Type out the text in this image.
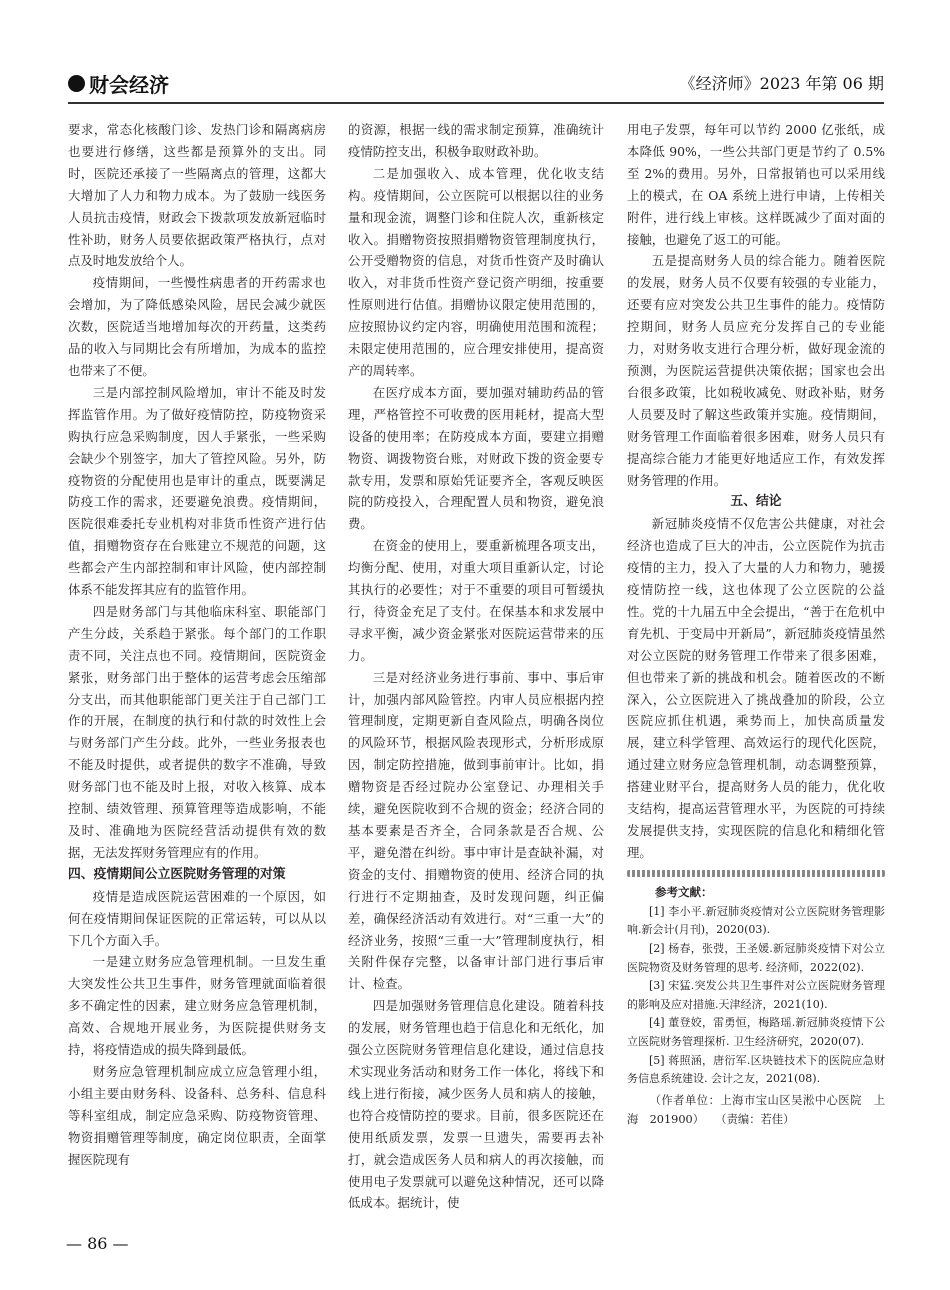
财会经济	《经济师》2023 年第 06 期

要求，常态化核酸门诊、发热门诊和隔离病房也要进行修缮，这些都是预算外的支出。同时，医院还承接了一些隔离点的管理，这都大大增加了人力和物力成本。为了鼓励一线医务人员抗击疫情，财政会下拨款项发放新冠临时性补助，财务人员要依据政策严格执行，点对点及时地发放给个人。

疫情期间，一些慢性病患者的开药需求也会增加，为了降低感染风险，居民会减少就医次数，医院适当地增加每次的开药量，这类药品的收入与同期比会有所增加，为成本的监控也带来了不便。

三是内部控制风险增加，审计不能及时发挥监管作用。为了做好疫情防控，防疫物资采购执行应急采购制度，因人手紧张，一些采购会缺少个别签字，加大了管控风险。另外，防疫物资的分配使用也是审计的重点，既要满足防疫工作的需求，还要避免浪费。疫情期间，医院很难委托专业机构对非货币性资产进行估值，捐赠物资存在台账建立不规范的问题，这些都会产生内部控制和审计风险，使内部控制体系不能发挥其应有的监管作用。

四是财务部门与其他临床科室、职能部门产生分歧，关系趋于紧张。每个部门的工作职责不同，关注点也不同。疫情期间，医院资金紧张，财务部门出于整体的运营考虑会压缩部分支出，而其他职能部门更关注于自己部门工作的开展，在制度的执行和付款的时效性上会与财务部门产生分歧。此外，一些业务报表也不能及时提供，或者提供的数字不准确，导致财务部门也不能及时上报，对收入核算、成本控制、绩效管理、预算管理等造成影响，不能及时、准确地为医院经营活动提供有效的数据，无法发挥财务管理应有的作用。

四、疫情期间公立医院财务管理的对策

疫情是造成医院运营困难的一个原因，如何在疫情期间保证医院的正常运转，可以从以下几个方面入手。

一是建立财务应急管理机制。一旦发生重大突发性公共卫生事件，财务管理就面临着很多不确定性的因素，建立财务应急管理机制，高效、合规地开展业务，为医院提供财务支持，将疫情造成的损失降到最低。

财务应急管理机制应成立应急管理小组，小组主要由财务科、设备科、总务科、信息科等科室组成，制定应急采购、防疫物资管理、物资捐赠管理等制度，确定岗位职责，全面掌握医院现有

的资源，根据一线的需求制定预算，准确统计疫情防控支出，积极争取财政补助。

二是加强收入、成本管理，优化收支结构。疫情期间，公立医院可以根据以往的业务量和现金流，调整门诊和住院人次，重新核定收入。捐赠物资按照捐赠物资管理制度执行，公开受赠物资的信息，对货币性资产及时确认收入，对非货币性资产登记资产明细，按重要性原则进行估值。捐赠协议限定使用范围的，应按照协议约定内容，明确使用范围和流程；未限定使用范围的，应合理安排使用，提高资产的周转率。

在医疗成本方面，要加强对辅助药品的管理，严格管控不可收费的医用耗材，提高大型设备的使用率；在防疫成本方面，要建立捐赠物资、调拨物资台账，对财政下拨的资金要专款专用，发票和原始凭证要齐全，客观反映医院的防疫投入，合理配置人员和物资，避免浪费。

在资金的使用上，要重新梳理各项支出，均衡分配、使用，对重大项目重新认定，讨论其执行的必要性；对于不重要的项目可暂缓执行，待资金充足了支付。在保基本和求发展中寻求平衡，减少资金紧张对医院运营带来的压力。

三是对经济业务进行事前、事中、事后审计，加强内部风险管控。内审人员应根据内控管理制度，定期更新自查风险点，明确各岗位的风险环节，根据风险表现形式，分析形成原因，制定防控措施，做到事前审计。比如，捐赠物资是否经过院办公室登记、办理相关手续，避免医院收到不合规的资金；经济合同的基本要素是否齐全，合同条款是否合规、公平，避免潜在纠纷。事中审计是查缺补漏，对资金的支付、捐赠物资的使用、经济合同的执行进行不定期抽查，及时发现问题，纠正偏差，确保经济活动有效进行。对“三重一大”的经济业务，按照“三重一大”管理制度执行，相关附件保存完整，以备审计部门进行事后审计、检查。

四是加强财务管理信息化建设。随着科技的发展，财务管理也趋于信息化和无纸化，加强公立医院财务管理信息化建设，通过信息技术实现业务活动和财务工作一体化，将线下和线上进行衔接，减少医务人员和病人的接触，也符合疫情防控的要求。目前，很多医院还在使用纸质发票，发票一旦遗失，需要再去补打，就会造成医务人员和病人的再次接触，而使用电子发票就可以避免这种情况，还可以降低成本。据统计，使

用电子发票，每年可以节约 2000 亿张纸，成本降低 90%，一些公共部门更是节约了 0.5%至 2%的费用。另外，日常报销也可以采用线上的模式，在 OA 系统上进行申请，上传相关附件，进行线上审核。这样既减少了面对面的接触，也避免了返工的可能。

五是提高财务人员的综合能力。随着医院的发展，财务人员不仅要有较强的专业能力，还要有应对突发公共卫生事件的能力。疫情防控期间，财务人员应充分发挥自己的专业能力，对财务收支进行合理分析，做好现金流的预测，为医院运营提供决策依据；国家也会出台很多政策，比如税收减免、财政补贴，财务人员要及时了解这些政策并实施。疫情期间，财务管理工作面临着很多困难，财务人员只有提高综合能力才能更好地适应工作，有效发挥财务管理的作用。

五、结论

新冠肺炎疫情不仅危害公共健康，对社会经济也造成了巨大的冲击，公立医院作为抗击疫情的主力，投入了大量的人力和物力，驰援疫情防控一线，这也体现了公立医院的公益性。党的十九届五中全会提出，“善于在危机中育先机、于变局中开新局”，新冠肺炎疫情虽然对公立医院的财务管理工作带来了很多困难，但也带来了新的挑战和机会。随着医改的不断深入，公立医院进入了挑战叠加的阶段，公立医院应抓住机遇，乘势而上，加快高质量发展，建立科学管理、高效运行的现代化医院，通过建立财务应急管理机制，动态调整预算，搭建业财平台，提高财务人员的能力，优化收支结构，提高运营管理水平，为医院的可持续发展提供支持，实现医院的信息化和精细化管理。

参考文献：

[1] 李小平.新冠肺炎疫情对公立医院财务管理影响.新会计(月刊)，2020(03).

[2] 杨春，张弢，王圣媛.新冠肺炎疫情下对公立医院物资及财务管理的思考. 经济师，2022(02).

[3] 宋猛.突发公共卫生事件对公立医院财务管理的影响及应对措施.天津经济，2021(10).

[4] 董登姣，雷勇恒，梅路瑶.新冠肺炎疫情下公立医院财务管理探析. 卫生经济研究，2020(07).

[5] 蒋照涵，唐衍军.区块链技术下的医院应急财务信息系统建设. 会计之友，2021(08).

（作者单位：上海市宝山区吴淞中心医院　上海　201900）　　（责编：若佳）

— 86 —
